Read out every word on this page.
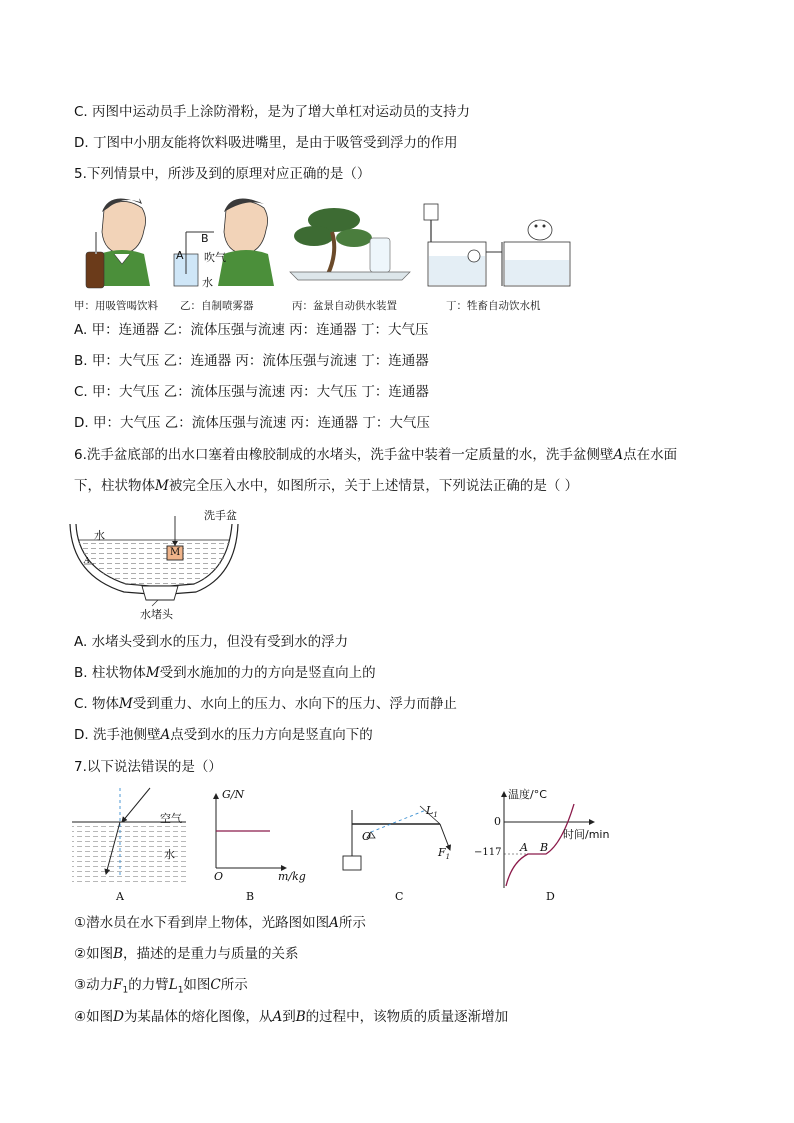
C. 丙图中运动员手上涂防滑粉，是为了增大单杠对运动员的支持力
D. 丁图中小朋友能将饮料吸进嘴里，是由于吸管受到浮力的作用
5.下列情景中，所涉及到的原理对应正确的是（）
B
A 吹气
水
甲：用吸管喝饮料 乙：自制喷雾器	丙：盆景自动供水装置	丁：牲畜自动饮水机
A. 甲：连通器 乙：流体压强与流速 丙：连通器 丁：大气压
B. 甲：大气压 乙：连通器 丙：流体压强与流速 丁：连通器
C. 甲：大气压 乙：流体压强与流速 丙：大气压 丁：连通器
D. 甲：大气压 乙：流体压强与流速 丙：连通器 丁：大气压
6.洗手盆底部的出水口塞着由橡胶制成的水堵头，洗手盆中装着一定质量的水，洗手盆侧壁A点在水面
下，柱状物体M被完全压入水中，如图所示，关于上述情景，下列说法正确的是（ ）
洗手盆
水
M
A
水堵头
A. 水堵头受到水的压力，但没有受到水的浮力
B. 柱状物体M受到水施加的力的方向是竖直向上的
C. 物体M受到重力、水向上的压力、水向下的压力、浮力而静止
D. 洗手池侧壁A点受到水的压力方向是竖直向下的
7.以下说法错误的是（）
空气
水
A
G/N
O	m/kg
B
O
$L_1$
$F_1$
C
温度/°C
0
时间/min
−117 A B
D
①潜水员在水下看到岸上物体，光路图如图A所示
②如图B，描述的是重力与质量的关系
③动力$F_1$的力臂$L_1$如图C所示
④如图D为某晶体的熔化图像，从A到B的过程中，该物质的质量逐渐增加
